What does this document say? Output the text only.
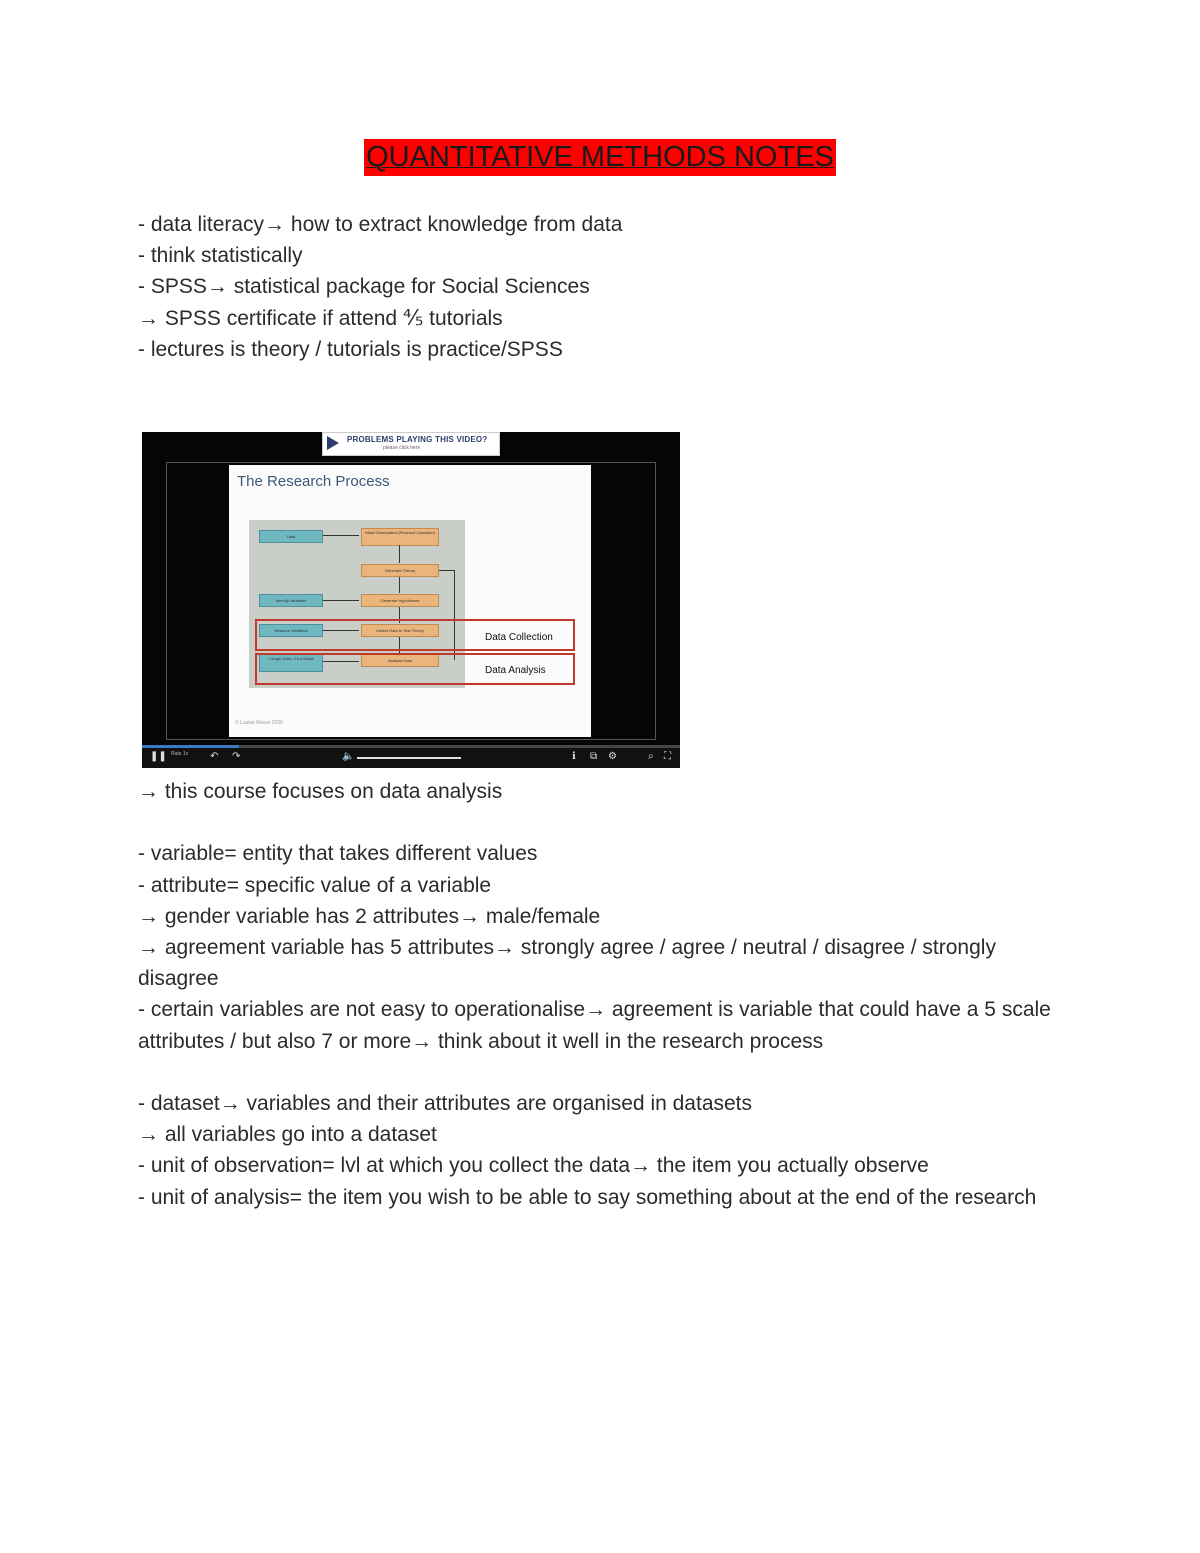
QUANTITATIVE METHODS NOTES
- data literacy→ how to extract knowledge from data
- think statistically
- SPSS→ statistical package for Social Sciences
→ SPSS certificate if attend ⅘ tutorials
- lectures is theory / tutorials is practice/SPSS
PROBLEMS PLAYING THIS VIDEO?
please click here
The Research Process
Data
Initial Observation (Research Question)
Generate Theory
Identify Variables	Generate Hypotheses
Measure Variables	Collect Data to Test Theory
• Graph Data • Fit a Model	Analyse Data
Data Collection
Data Analysis
© Louise Rosso 2020
❚❚ Rate 1x ↶ ↷	🔈	ℹ ⧉ ⚙	⌕ ⛶
→ this course focuses on data analysis
- variable= entity that takes different values
- attribute= specific value of a variable
→ gender variable has 2 attributes→ male/female
→ agreement variable has 5 attributes→ strongly agree / agree / neutral / disagree / strongly disagree
- certain variables are not easy to operationalise→ agreement is variable that could have a 5 scale attributes / but also 7 or more→ think about it well in the research process
- dataset→ variables and their attributes are organised in datasets
→ all variables go into a dataset
- unit of observation= lvl at which you collect the data→ the item you actually observe
- unit of analysis= the item you wish to be able to say something about at the end of the research
